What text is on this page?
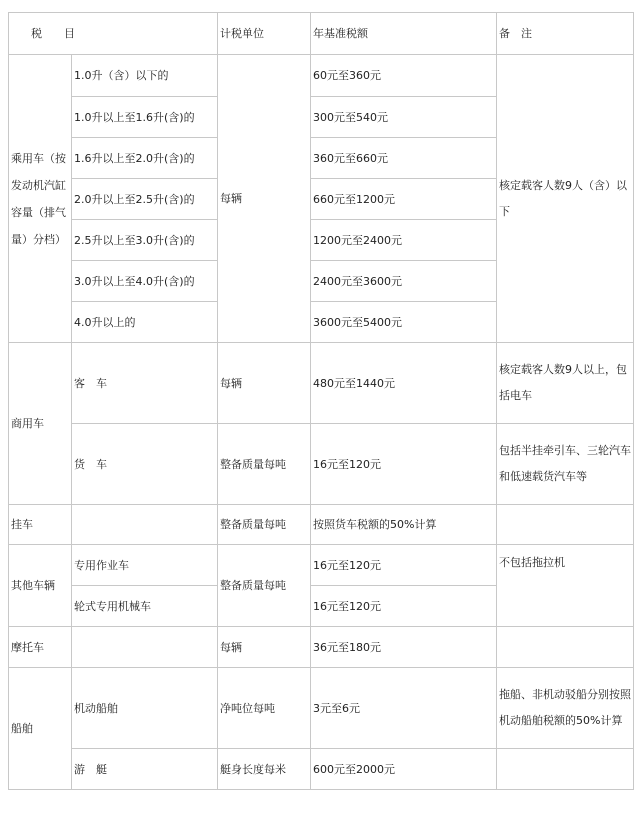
税　　目		计税单位	年基准税额	备　注
乘用车（按发动机汽缸容量（排气量）分档）	1.0升（含）以下的	每辆	60元至360元	核定载客人数9人（含）以下
	1.0升以上至1.6升(含)的		300元至540元	
	1.6升以上至2.0升(含)的		360元至660元	
	2.0升以上至2.5升(含)的		660元至1200元	
	2.5升以上至3.0升(含)的		1200元至2400元	
	3.0升以上至4.0升(含)的		2400元至3600元	
	4.0升以上的		3600元至5400元	
商用车	客　车	每辆	480元至1440元	核定载客人数9人以上，包括电车
	货　车	整备质量每吨	16元至120元	包括半挂牵引车、三轮汽车和低速载货汽车等
挂车		整备质量每吨	按照货车税额的50%计算	
其他车辆	专用作业车	整备质量每吨	16元至120元	不包括拖拉机
	轮式专用机械车		16元至120元	
摩托车		每辆	36元至180元	
船舶	机动船舶	净吨位每吨	3元至6元	拖船、非机动驳船分别按照机动船舶税额的50%计算
	游　艇	艇身长度每米	600元至2000元	
